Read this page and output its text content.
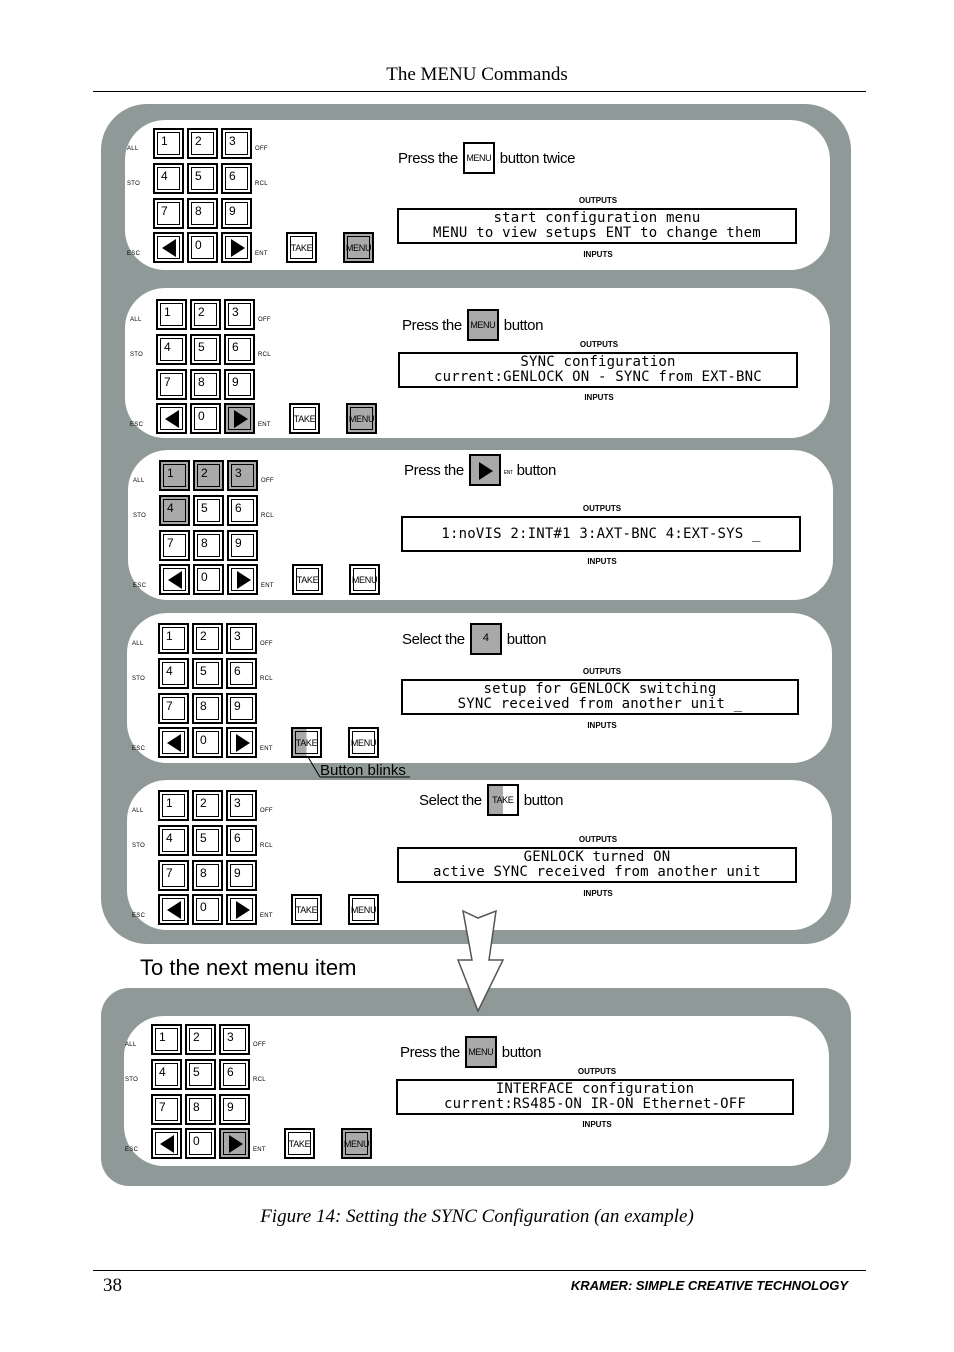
The MENU Commands
0
1 2 3
4 5 6
7 8 9
TAKE	MENU
ALL
STO
ESC
OFF
RCL
ENT
Press the MENU button twice
OUTPUTS
start configuration menu
MENU to view setups ENT to change them
INPUTS
0
1 2 3
4 5 6
7 8 9
TAKE	MENU
ALL
STO
ESC
OFF
RCL
ENT
Press the MENU button
OUTPUTS
SYNC configuration
current:GENLOCK ON - SYNC from EXT-BNC
INPUTS
0
1 2 3
4 5 6
7 8 9
TAKE	MENU
ALL
STO
ESC
OFF
RCL
ENT
Press the	ENT button
OUTPUTS
1:noVIS 2:INT#1 3:AXT-BNC 4:EXT-SYS _
INPUTS
0
1 2 3
4 5 6
7 8 9
TAKE	MENU
ALL
STO
ESC
OFF
RCL
ENT
Select the	4	button
OUTPUTS
setup for GENLOCK switching
SYNC received from another unit _
INPUTS
0
1 2 3
4 5 6
7 8 9
TAKE	MENU
ALL
STO
ESC
OFF
RCL
ENT
Select the	TAKE button
OUTPUTS
GENLOCK turned ON
active SYNC received from another unit
INPUTS
Button blinks
To the next menu item
0
1 2 3
4 5 6
7 8 9
TAKE	MENU
ALL
STO
ESC
OFF
RCL
ENT
Press the MENU button
OUTPUTS
INTERFACE configuration
current:RS485-ON IR-ON Ethernet-OFF
INPUTS
Figure 14: Setting the SYNC Configuration (an example)
38	KRAMER: SIMPLE CREATIVE TECHNOLOGY
